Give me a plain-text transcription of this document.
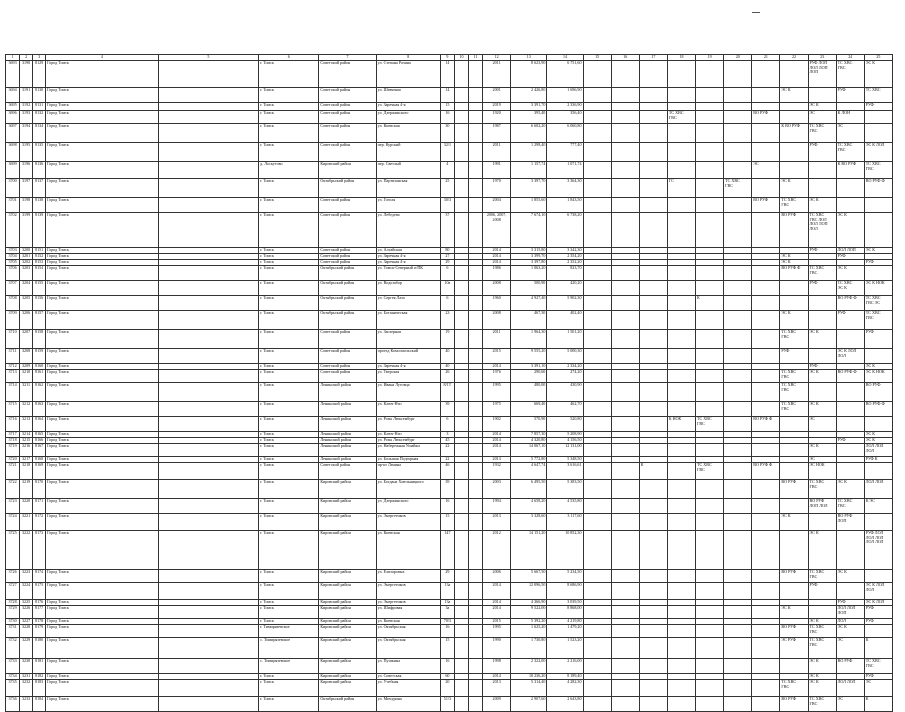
1	2	3	4	5	6	7	8	9	10	11	12	13	14	15	16	17	18	19	20	21	22	23	24	25
3693	3190	8129	Город Томск		г. Томск	Советский район	ул. Степана Разина	14			2011	8 623,90	6 751,60									РУФ ЛОП
ЛОЛ ЛОП
ЛОП	ТС ХВС
ГВС	ЭС К
3694	3191	8130	Город Томск		г. Томск	Советский район	ул. Шевченко	14			2001	2 426,80	1 696,90								ЭС К		РУФ	ТС ХВС
3695	3192	8131	Город Томск		г. Томск	Советский район	ул. Заречная 4-я	15			2019	3 391,70	2 336,90									ЭС К		РУФ
3696	3193	8132	Город Томск		г. Томск	Советский район	ул. Дзержинского	16			1920	395,40	356,40				ТС ХВС
ГВС			ВО РУФ		ЭС	К ЛОН	
3697	3194	8134	Город Томск		г. Томск	Советский район	ул. Киевская	30			1987	6 602,20	6 060,80								К ВО РУФ	ТС ХВС
ГВС	ЭС	
3698	3195	8135	Город Томск		г. Томск	Советский район	пер. Курский	32/1			2011	1 298,40	777,40									РУФ	ТС ХВС
ГВС	ЭС К ЛОЛ
3699	3196	8136	Город Томск		д. Лоскутово	Кировский район	пер. Светлый	4			1991	1 157,74	1 071,74							ЭС			К ВО РУФ	ТС ХВС
ГВС
3700	3197	8137	Город Томск		г. Томск	Октябрьский район	ул. Партизанская	25			1970	3 397,70	3 364,30				ГС		ТС ХВС
ГВС		ЭС К			ВО РУФ Ф
3701	3198	8138	Город Томск		г. Томск	Советский район	ул. Гоголя	30/3			2004	1 855,60	1 843,50							ВО РУФ	ТС ХВС
ГВС	ЭС К		
3702	3199	8139	Город Томск		г. Томск	Советский район	ул. Лебедева	37			2006, 2007,
2008	7 674,10	6 738,20								ВО РУФ	ТС ХВС
ГВС ЛОЛ
ЛОЛ ЛОП
ЛОЛ	ЭС К	
3703	3200	8151	Город Томск		г. Томск	Советский район	ул. Алтайская	80			2014	3 315,80	3 342,30									РУФ	ЛОЛ ЛОП	ЭС К
3704	3201	8152	Город Томск		г. Томск	Советский район	ул. Заречная 4-я	27			2014	3 399,70	2 354,20								ЭС К		РУФ	
3705	3202	8153	Город Томск		г. Томск	Советский район	ул. Заречная 4-я	29			2014	3 397,80	2 352,20								ЭС К			РУФ
3706	3203	8154	Город Томск		г. Томск	Октябрьский район	ул. Томск-Северный п/ПК	6			1986	1 063,20	823,70								ВО РУФ Ф	ТС ХВС
ГВС	ЭС К	
3707	3204	8155	Город Томск		г. Томск	Октябрьский район	ул. Водозабор	10а			2008	500,90	420,20									РУФ	ТС ХВС
ЭС К	ЭС К НОК
3708	3205	8156	Город Томск		г. Томск	Октябрьский район	ул. Сергея Лазо	6			1960	4 927,40	5 902,30					К					ВО РУФ Ф	ТС ХВС
ГВС ЭС
3709	3206	8157	Город Томск		г. Томск	Октябрьский район	ул. Ботаническая	23			2008	467,30	402,40								ЭС К		РУФ	ТС ХВС
ГВС
3710	3207	8158	Город Томск		г. Томск	Советский район	ул. Заозерная	19			2011	1 964,30	1 501,20								ТС ХВС
ГВС	ЭС К		РУФ
3711	3208	8159	Город Томск		г. Томск	Советский район	проезд Комсомольский	40			2015	9 555,20	5 000,30								РУФ		ЭС К ЛОЛ
ЛОЛ	
3712	3209	8160	Город Томск		г. Томск	Советский район	ул. Заречная 4-я	40			2014	3 391,10	2 334,20									РУФ		ЭС К
3713	3210	8161	Город Томск		г. Томск	Советский район	ул. Тверская	26			1976	290,60	274,20								ТС ХВС
ГВС	ЭС К	ВО РУФ Ф	ЭС К НОК
3714	3211	8162	Город Томск		г. Томск	Ленинский район	ул. Ивана Луговца	8/1Т			1995	480,00	430,90								ТС ХВС
ГВС			ВО РУФ
3715	3212	8163	Город Томск		г. Томск	Ленинский район	ул. Ключ-Нэп	39			1975	669,40	462,70								ТС ХВС
ГВС	ЭС К		ВО РУФ Ф
3716	3213	8164	Город Томск		г. Томск	Ленинский район	ул. Розы Люксембург	6			1902	570,90	520,80				К НОК	ТС ХВС
ГВС		ВО РУФ Ф		ЭС		
3717	3214	8165	Город Томск		г. Томск	Ленинский район	ул. Ключ-Нэп	3			2014	7 857,30	5 208,90											ЭС К
3718	3215	8166	Город Томск		г. Томск	Ленинский район	ул. Розы Люксембург	45			2014	4 320,80	4 156,50										РУФ	ЭС К
3719	3216	8167	Город Томск		г. Томск	Ленинский район	ул. Набережная Ушайки	22			2014	14 067,10	12 131,00									ЭС К		ЛОЛ ЛОЛ
ЛОЛ
3720	3217	8168	Город Томск		г. Томск	Ленинский район	ул. Большая Подгорная	22			2013	5 772,80	5 348,50									ЭС		РУФ К
3721	3218	8169	Город Томск		г. Томск	Советский район	пр-кт Ленина	46			1932	4 647,74	3 616,61			К		ТС ХВС
ГВС		ВО РУФ Ф		ЭС НОК		
3722	3219	8170	Город Томск		г. Томск	Кировский район	ул. Богдана Хмельницкого	39			2003	6 495,50	5 383,50								ВО РУФ	ТС ХВС
ГВС	ЭС К	ЛОЛ ЛОЛ
3723	3220	8171	Город Томск		г. Томск	Кировский район	ул. Дзержинского	16			1994	4 658,20	4 535,80									ВО РУФ
ЛОП ЛОЛ	ТС ХВС
ГВС	К ЭС
3724	3221	8172	Город Томск		г. Томск	Кировский район	ул. Энергетиков	15			2013	3 328,60	3 117,60								ЭС К		ВО РУФ
ЛОП	
3725	3222	8173	Город Томск		г. Томск	Кировский район	ул. Киевская	147			2012	14 151,20	10 852,30									ЭС К		РУФ ЛОЛ
ЛОЛ ЛОЛ
ЛОЛ ЛОЛ
3726	3223	8174	Город Томск		г. Томск	Кировский район	ул. Елизаровых	29			2006	5 667,50	5 234,50								ВО РУФ	ТС ХВС
ГВС	ЭС К	
3727	3224	8175	Город Томск		г. Томск	Кировский район	ул. Энергетиков	13а			2014	12 096,50	8 686,90									РУФ		ЭС К ЛОЛ
ЛОЛ
3728	3225	8176	Город Томск		г. Томск	Кировский район	ул. Энергетиков	13а			2014	4 366,90	3 039,50										РУФ	ЭС К ЛОЛ
3729	3226	8177	Город Томск		г. Томск	Кировский район	ул. Шифровая	3а			2014	9 522,00	8 868,00								ЭС К		ЛОЛ ЛОЛ
ЛОП	РУФ
3730	3227	8178	Город Томск		г. Томск	Кировский район	ул. Киевская	70/3			2015	5 392,20	4 219,80									ЭС К	ЛОЛ	РУФ
3731	3228	8179	Город Томск		г. Тимирязевское	Кировский район	ул. Октябрьская	16			1995	1 625,20	1 479,20								ВО РУФ	ТС ХВС
ГВС	ЭС К	
3732	3229	8180	Город Томск		с. Тимирязевское	Кировский район	ул. Октябрьская	15			1990	1 730,80	1 523,20								ЭС РУФ	ТС ХВС
ГВС	ЭС	К
3733	3230	8181	Город Томск		с. Тимирязевское	Кировский район	ул. Пушкина	16			1998	2 322,00	2 216,00									ЭС К	ВО РУФ	ТС ХВС
ГВС
3734	3231	8182	Город Томск		г. Томск	Кировский район	ул. Советская	60			2014	10 236,20	8 189,40									ЭС К		РУФ
3735	3232	8183	Город Томск		г. Томск	Кировский район	ул. Учебная	20			2013	5 314,40	4 282,30								ТС ХВС
ГВС	ЭС К	ЛОЛ ЛОЛ	ЭС
3736	3233	8184	Город Томск		г. Томск	Октябрьский район	ул. Мичурина	51/3			2009	2 907,60	2 643,80								ВО РУФ	ТС ХВС
ГВС	ЭС	К
